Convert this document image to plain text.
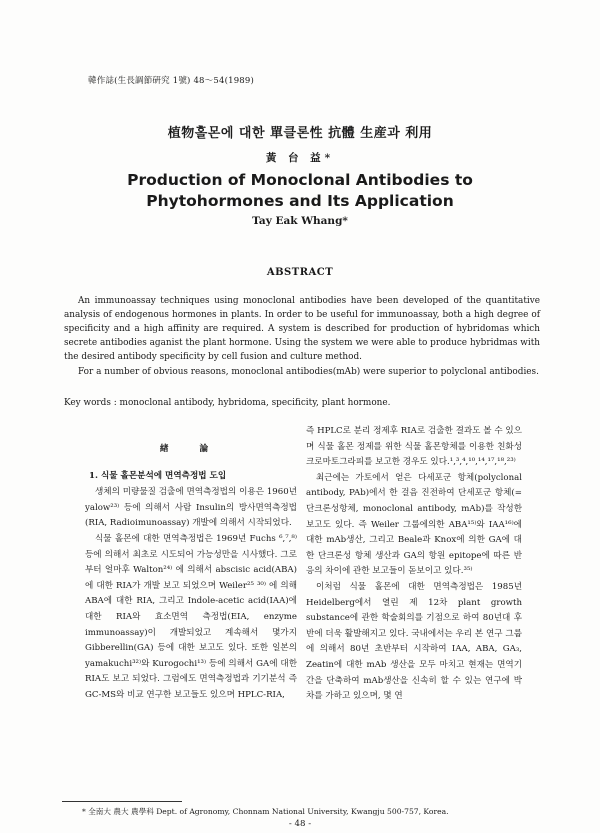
韓作誌(生長調節硏究 1號) 48〜54(1989)
植物홀몬에 대한 單클론性 抗體 生産과 利用
黃 台 益*
Production of Monoclonal Antibodies to
Phytohormones and Its Application
Tay Eak Whang*
ABSTRACT

An immunoassay techniques using monoclonal antibodies have been developed of the quantitative analysis of endogenous hormones in plants. In order to be useful for immunoassay, both a high degree of specificity and a high affinity are required. A system is described for production of hybridomas which secrete antibodies aganist the plant hormone. Using the system we were able to produce hybridmas with the desired antibody specificity by cell fusion and culture method.

For a number of obvious reasons, monoclonal antibodies(mAb) were superior to polyclonal antibodies.

Key words : monoclonal antibody, hybridoma, specificity, plant hormone.

緖 論

1. 식물 홀몬분석에 면역측정법 도입

생체의 미량물질 검출에 면역측정법의 이용은 1960년 yalow²³⁾ 등에 의해서 사람 Insulin의 방사면역측정법(RIA, Radioimunoassay) 개발에 의해서 시작되었다.

식물 홀몬에 대한 면역측정법은 1969년 Fuchs ⁶,⁷,⁸⁾ 등에 의해서 최초로 시도되어 가능성만을 시사했다. 그로부터 얼마후 Walton²⁴⁾ 에 의해서 abscisic acid(ABA)에 대한 RIA가 개발 보고 되었으며 Weiler²⁵ ³⁰⁾ 에 의해 ABA에 대한 RIA, 그리고 Indole-acetic acid(IAA)에 대한 RIA와 효소면역 측정법(EIA, enzyme immunoassay)이 개발되었고 계속해서 몇가지 Gibberellin(GA) 등에 대한 보고도 있다. 또한 일본의 yamakuchi³²⁾와 Kurogochi¹³⁾ 등에 의해서 GA에 대한 RIA도 보고 되었다. 그럼에도 면역측정법과 기기분석 즉 GC-MS와 비교 연구한 보고들도 있으며 HPLC-RIA,

즉 HPLC로 분리 정제후 RIA로 검출한 결과도 볼 수 있으며 식물 홀몬 정제를 위한 식물 홀몬항체를 이용한 친화성 크로마토그라피를 보고한 경우도 있다.¹,³,⁴,¹⁰,¹⁴,¹⁷,¹⁸,²³⁾

최근에는 가토에서 얻은 다세포군 항체(polyclonal antibody, PAb)에서 한 걸음 진전하여 단세포군 항체(=단크론성항체, monoclonal antibody, mAb)를 작성한 보고도 있다. 즉 Weiler 그룹에의한 ABA¹⁵⁾와 IAA¹⁶⁾에 대한 mAb생산, 그리고 Beale과 Knox에 의한 GA에 대한 단크론성 항체 생산과 GA의 항원 epitope에 따른 반응의 차이에 관한 보고들이 돋보이고 있다.³⁵⁾

이처럼 식물 홀몬에 대한 면역측정법은 1985년 Heidelberg에서 열린 제 12차 plant growth substance에 관한 학술회의를 기점으로 하여 80년대 후반에 더욱 활발해지고 있다. 국내에서는 우리 본 연구 그룹에 의해서 80년 초반부터 시작하여 IAA, ABA, GA₃, Zeatin에 대한 mAb 생산을 모두 마치고 현재는 면역기간을 단축하여 mAb생산을 신속히 할 수 있는 연구에 박차를 가하고 있으며, 몇 연

* 全南大 農大 農學科 Dept. of Agronomy, Chonnam National University, Kwangju 500-757, Korea.
- 48 -
